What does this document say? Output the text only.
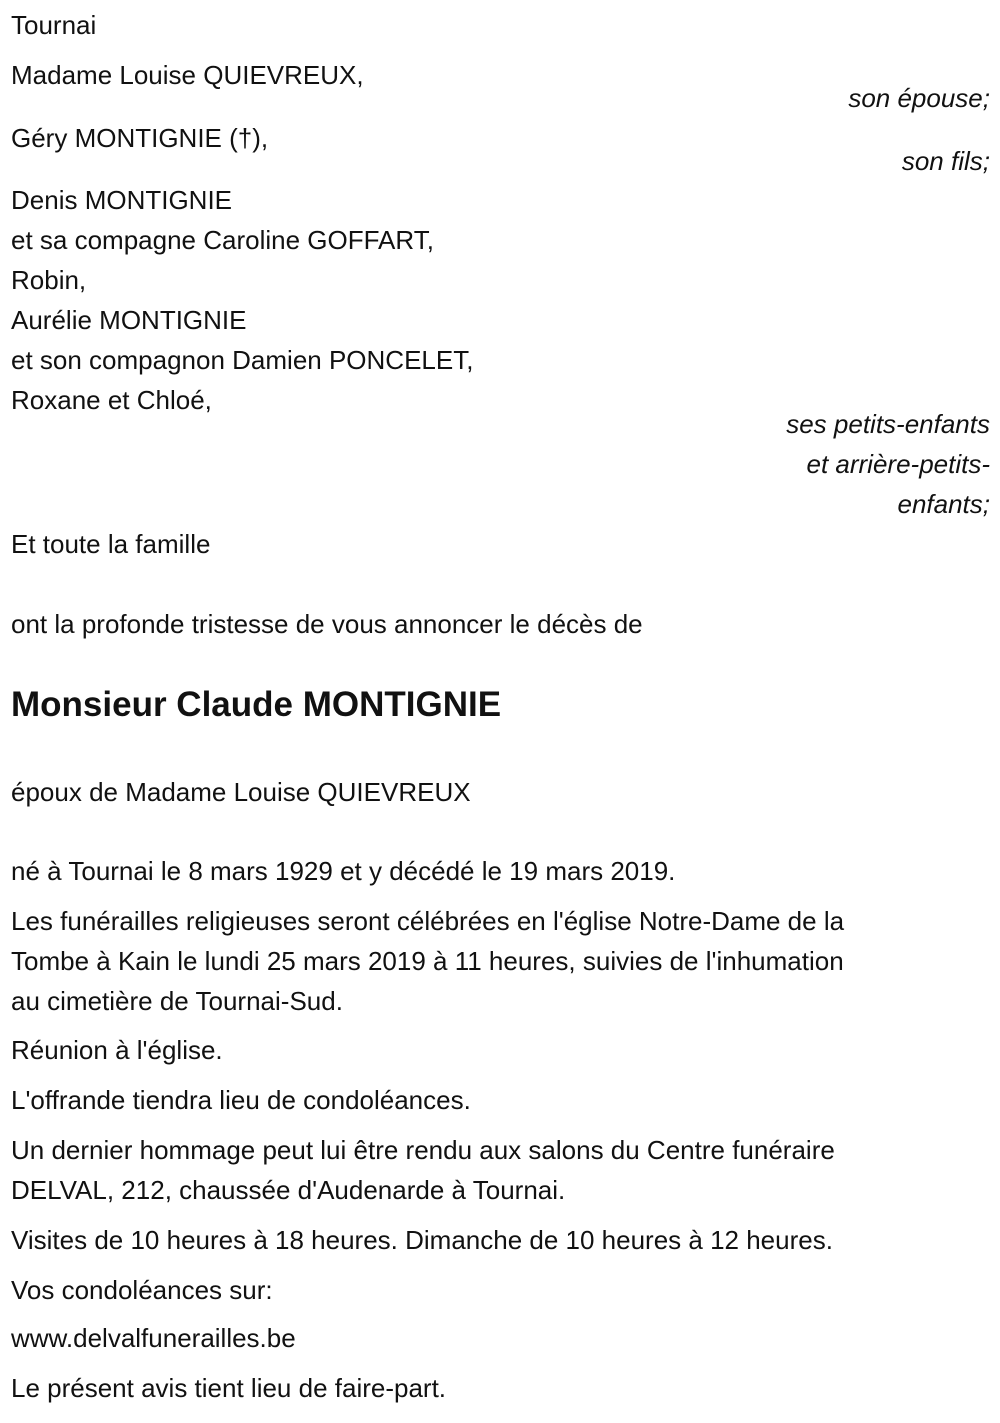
Tournai
Madame Louise QUIEVREUX,
son épouse;
Géry MONTIGNIE (†),
son fils;
Denis MONTIGNIE
et sa compagne Caroline GOFFART,
Robin,
Aurélie MONTIGNIE
et son compagnon Damien PONCELET,
Roxane et Chloé,
ses petits-enfants
et arrière-petits-
enfants;
Et toute la famille
ont la profonde tristesse de vous annoncer le décès de
Monsieur Claude MONTIGNIE
époux de Madame Louise QUIEVREUX
né à Tournai le 8 mars 1929 et y décédé le 19 mars 2019.
Les funérailles religieuses seront célébrées en l'église Notre-Dame de la
Tombe à Kain le lundi 25 mars 2019 à 11 heures, suivies de l'inhumation
au cimetière de Tournai-Sud.
Réunion à l'église.
L'offrande tiendra lieu de condoléances.
Un dernier hommage peut lui être rendu aux salons du Centre funéraire
DELVAL, 212, chaussée d'Audenarde à Tournai.
Visites de 10 heures à 18 heures. Dimanche de 10 heures à 12 heures.
Vos condoléances sur:
www.delvalfunerailles.be
Le présent avis tient lieu de faire-part.
